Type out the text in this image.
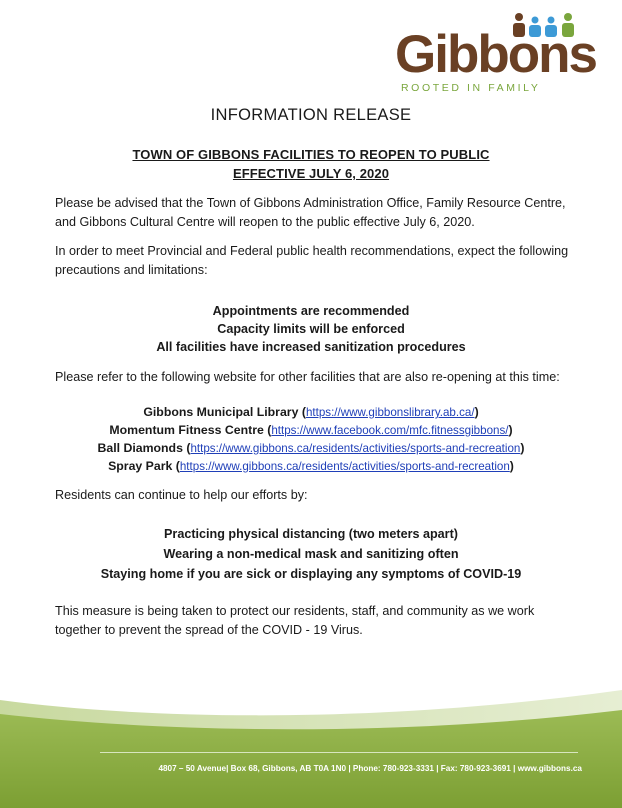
Gibbons
ROOTED IN FAMILY
INFORMATION RELEASE
TOWN OF GIBBONS FACILITIES TO REOPEN TO PUBLIC
EFFECTIVE JULY 6, 2020
Please be advised that the Town of Gibbons Administration Office, Family Resource Centre, and Gibbons Cultural Centre will reopen to the public effective July 6, 2020.
In order to meet Provincial and Federal public health recommendations, expect the following precautions and limitations:
Appointments are recommended
Capacity limits will be enforced
All facilities have increased sanitization procedures
Please refer to the following website for other facilities that are also re-opening at this time:
Gibbons Municipal Library (https://www.gibbonslibrary.ab.ca/)
Momentum Fitness Centre (https://www.facebook.com/mfc.fitnessgibbons/)
Ball Diamonds (https://www.gibbons.ca/residents/activities/sports-and-recreation)
Spray Park (https://www.gibbons.ca/residents/activities/sports-and-recreation)
Residents can continue to help our efforts by:
Practicing physical distancing (two meters apart)
Wearing a non-medical mask and sanitizing often
Staying home if you are sick or displaying any symptoms of COVID-19
This measure is being taken to protect our residents, staff, and community as we work together to prevent the spread of the COVID - 19 Virus.
4807 – 50 Avenue| Box 68, Gibbons, AB T0A 1N0 | Phone: 780-923-3331 | Fax: 780-923-3691 | www.gibbons.ca
